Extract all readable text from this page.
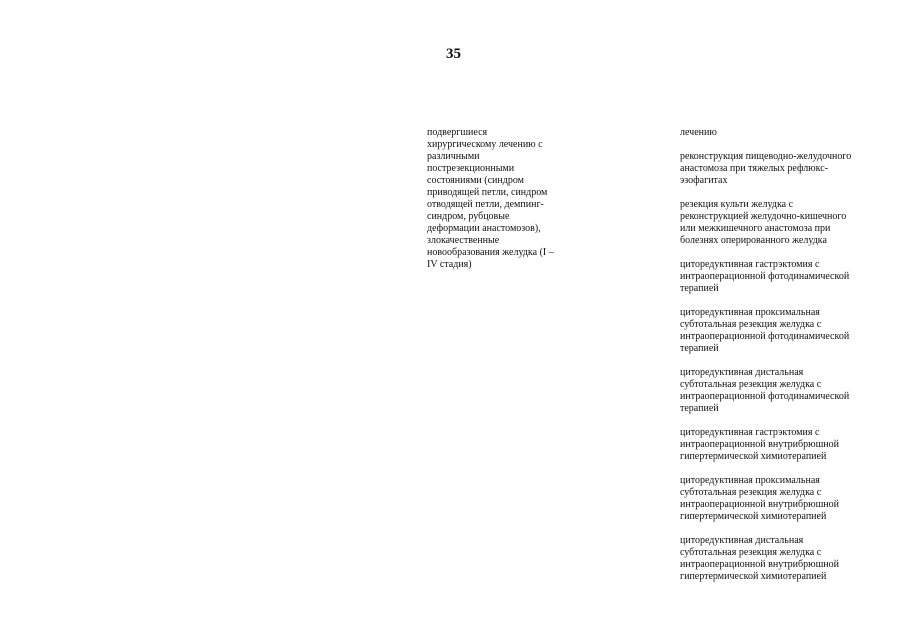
35
подвергшиеся
хирургическому лечению с
различными
пострезекционными
состояниями (синдром
приводящей петли, синдром
отводящей петли, демпинг-
синдром, рубцовые
деформации анастомозов),
злокачественные
новообразования желудка (I –
IV стадия)
лечению
реконструкция пищеводно-желудочного
анастомоза при тяжелых рефлюкс-
эзофагитах
резекция культи желудка с
реконструкцией желудочно-кишечного
или межкишечного анастомоза при
болезнях оперированного желудка
циторедуктивная гастрэктомия с
интраоперационной фотодинамической
терапией
циторедуктивная проксимальная
субтотальная резекция желудка с
интраоперационной фотодинамической
терапией
циторедуктивная дистальная
субтотальная резекция желудка с
интраоперационной фотодинамической
терапией
циторедуктивная гастрэктомия с
интраоперационной внутрибрюшной
гипертермической химиотерапией
циторедуктивная проксимальная
субтотальная резекция желудка с
интраоперационной внутрибрюшной
гипертермической химиотерапией
циторедуктивная дистальная
субтотальная резекция желудка с
интраоперационной внутрибрюшной
гипертермической химиотерапией
